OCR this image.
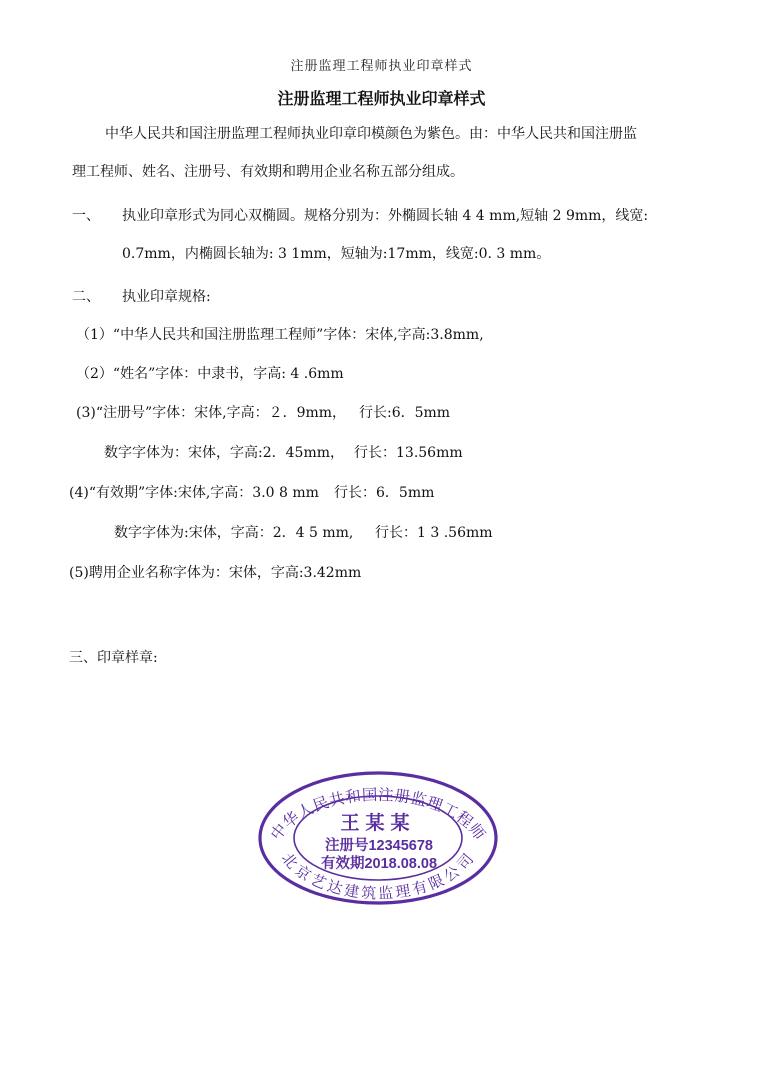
注册监理工程师执业印章样式
注册监理工程师执业印章样式
中华人民共和国注册监理工程师执业印章印模颜色为紫色。由：中华人民共和国注册监
理工程师、姓名、注册号、有效期和聘用企业名称五部分组成。
一、 执业印章形式为同心双椭圆。规格分别为：外椭圆长轴 4 4 mm,短轴 2 9mm，线宽:
0.7mm，内椭圆长轴为: 3 1mm，短轴为:17mm，线宽:0. 3 mm。
二、 执业印章规格:
（1）“中华人民共和国注册监理工程师”字体：宋体,字高:3.8mm,
（2）“姓名”字体：中隶书，字高: 4 .6mm
(3)“注册号”字体：宋体,字高：２．9mm， 行长:6．5mm
数字字体为：宋体，字高:2．45mm， 行长：13.56mm
(4)“有效期”字体:宋体,字高：3.0 8 mm 行长：6．5mm
数字字体为:宋体，字高：2．4 5 mm, 行长：1 3 .56mm
(5)聘用企业名称字体为：宋体，字高:3.42mm
三、印章样章:
中华人民共和国注册监理工程师
北京艺达建筑监理有限公司
王某某
注册号12345678
有效期2018.08.08
